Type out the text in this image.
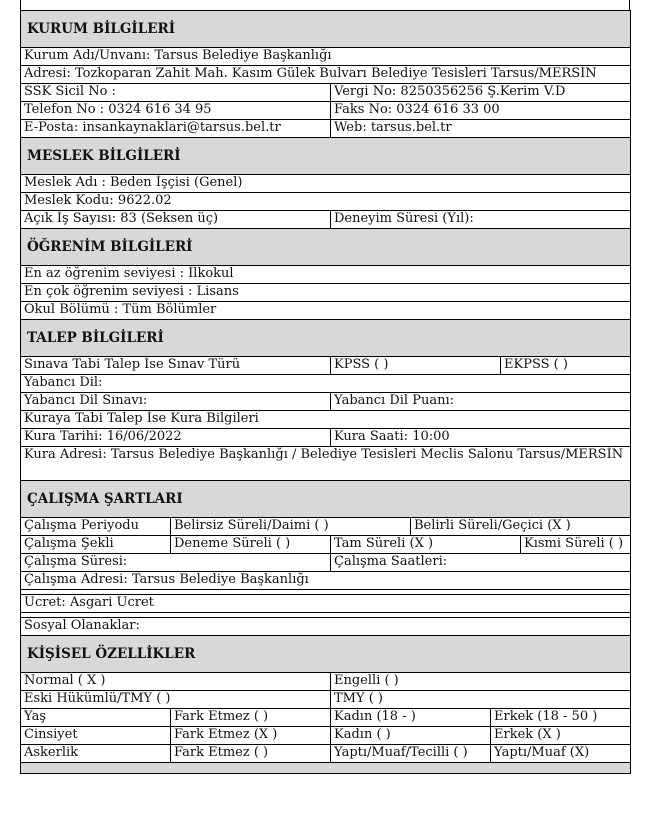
KURUM BİLGİLERİ						
Kurum Adı/Unvanı: Tarsus Belediye Başkanlığı						
Adresi: Tozkoparan Zahit Mah. Kasım Gülek Bulvarı Belediye Tesisleri Tarsus/MERSİN						
SSK Sicil No :		Vergi No: 8250356256 Ş.Kerim V.D				
Telefon No : 0324 616 34 95		Faks No: 0324 616 33 00				
E-Posta: insankaynaklari@tarsus.bel.tr		Web: tarsus.bel.tr				
MESLEK BİLGİLERİ						
Meslek Adı : Beden İşçisi (Genel)						
Meslek Kodu: 9622.02						
Açık İş Sayısı: 83 (Seksen üç)		Deneyim Süresi (Yıl):				
ÖĞRENİM BİLGİLERİ						
En az öğrenim seviyesi : İlkokul						
En çok öğrenim seviyesi : Lisans						
Okul Bölümü : Tüm Bölümler						
TALEP BİLGİLERİ						
Sınava Tabi Talep İse Sınav Türü		KPSS ( )			EKPSS ( )	
Yabancı Dil:						
Yabancı Dil Sınavı:		Yabancı Dil Puanı:				
Kuraya Tabi Talep İse Kura Bilgileri						
Kura Tarihi: 16/06/2022		Kura Saati: 10:00				
Kura Adresi: Tarsus Belediye Başkanlığı / Belediye Tesisleri Meclis Salonu Tarsus/MERSİN						
ÇALIŞMA ŞARTLARI						
Çalışma Periyodu	Belirsiz Süreli/Daimi ( )		Belirli Süreli/Geçici (X )			
Çalışma Şekli	Deneme Süreli ( )	Tam Süreli (X )				Kısmi Süreli ( )
Çalışma Süresi:		Çalışma Saatleri:				
Çalışma Adresi: Tarsus Belediye Başkanlığı						

Ücret: Asgari Ücret						

Sosyal Olanaklar:						
KİŞİSEL ÖZELLİKLER						
Normal ( X )		Engelli ( )				
Eski Hükümlü/TMY ( )		TMY ( )				
Yaş	Fark Etmez ( )	Kadın (18 - )		Erkek (18 - 50 )		
Cinsiyet	Fark Etmez (X )	Kadın ( )		Erkek (X )		
Askerlik	Fark Etmez ( )	Yaptı/Muaf/Tecilli ( )		Yaptı/Muaf (X)		
